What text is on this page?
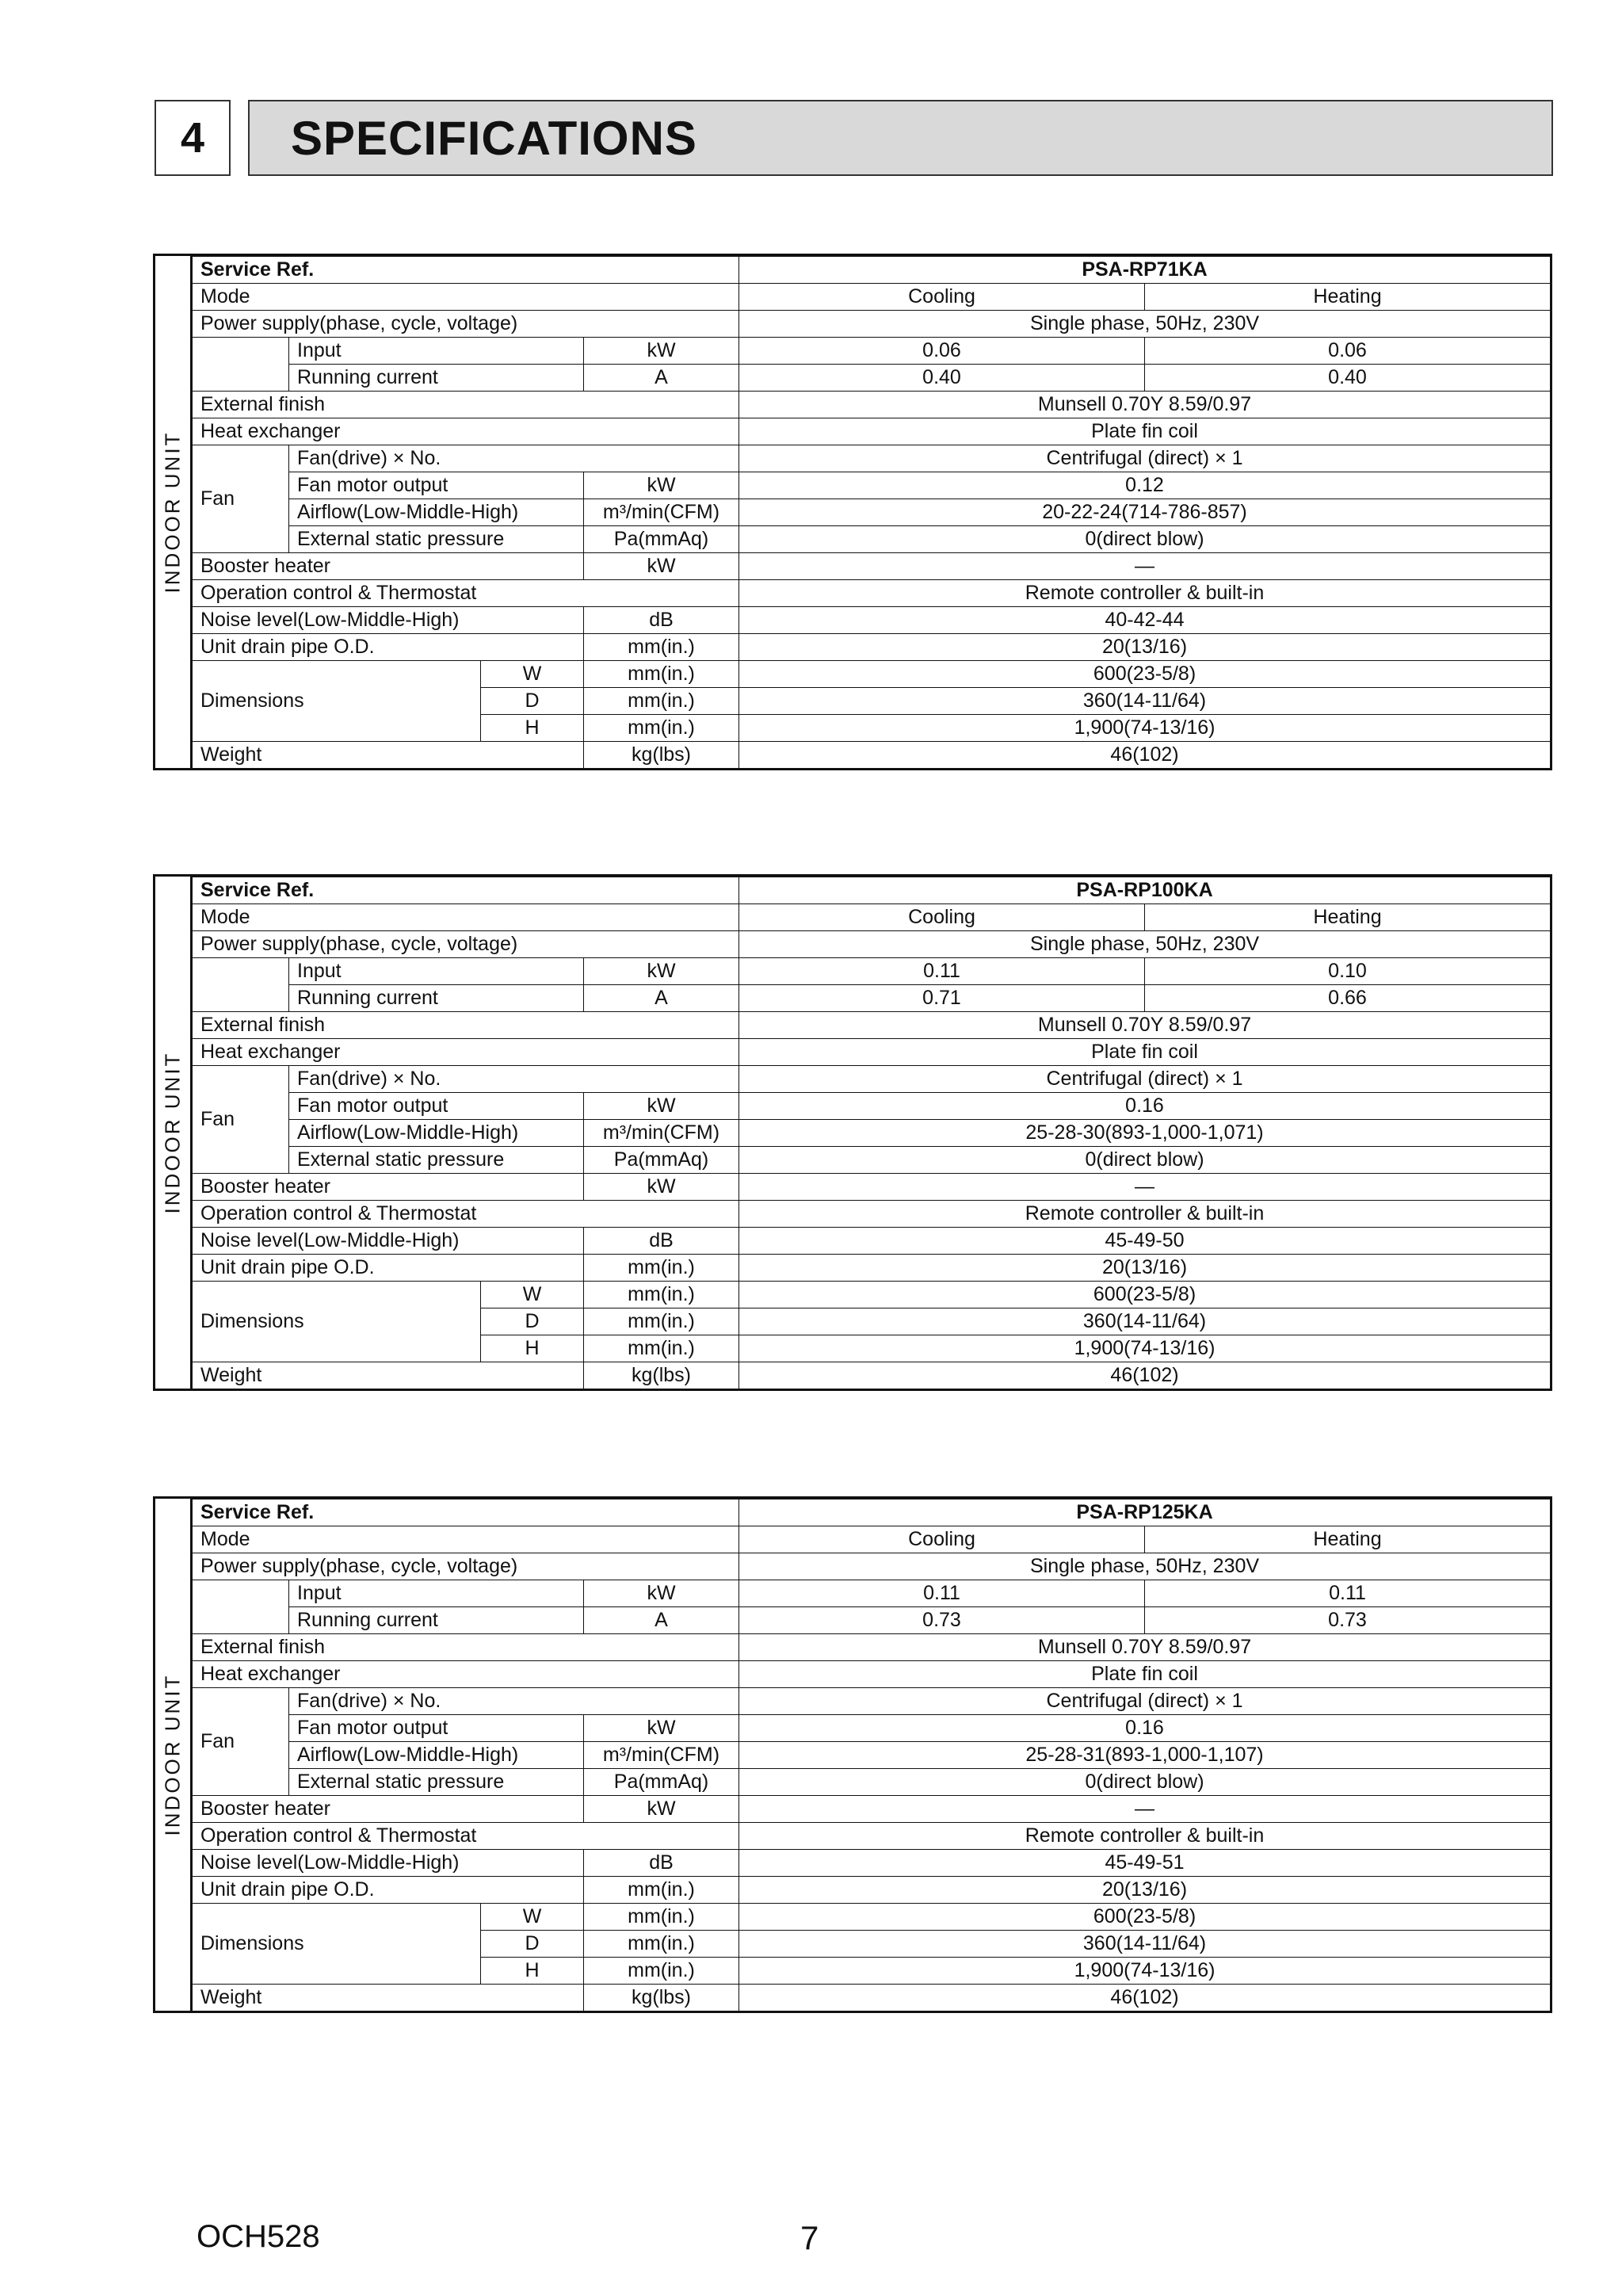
4	SPECIFICATIONS
INDOOR UNIT
Service Ref.				PSA-RP71KA	
Mode				Cooling	Heating
Power supply(phase, cycle, voltage)				Single phase, 50Hz, 230V	
	Input		kW	0.06	0.06
	Running current		A	0.40	0.40
External finish				Munsell 0.70Y 8.59/0.97	
Heat exchanger				Plate fin coil	
Fan	Fan(drive) × No.			Centrifugal (direct) × 1	
	Fan motor output		kW	0.12	
	Airflow(Low-Middle-High)		m³/min(CFM)	20-22-24(714-786-857)	
	External static pressure		Pa(mmAq)	0(direct blow)	
Booster heater			kW	—	
Operation control & Thermostat				Remote controller & built-in	
Noise level(Low-Middle-High)			dB	40-42-44	
Unit drain pipe O.D.			mm(in.)	20(13/16)	
Dimensions		W	mm(in.)	600(23-5/8)	
		D	mm(in.)	360(14-11/64)	
		H	mm(in.)	1,900(74-13/16)	
Weight			kg(lbs)	46(102)	
INDOOR UNIT
Service Ref.				PSA-RP100KA	
Mode				Cooling	Heating
Power supply(phase, cycle, voltage)				Single phase, 50Hz, 230V	
	Input		kW	0.11	0.10
	Running current		A	0.71	0.66
External finish				Munsell 0.70Y 8.59/0.97	
Heat exchanger				Plate fin coil	
Fan	Fan(drive) × No.			Centrifugal (direct) × 1	
	Fan motor output		kW	0.16	
	Airflow(Low-Middle-High)		m³/min(CFM)	25-28-30(893-1,000-1,071)	
	External static pressure		Pa(mmAq)	0(direct blow)	
Booster heater			kW	—	
Operation control & Thermostat				Remote controller & built-in	
Noise level(Low-Middle-High)			dB	45-49-50	
Unit drain pipe O.D.			mm(in.)	20(13/16)	
Dimensions		W	mm(in.)	600(23-5/8)	
		D	mm(in.)	360(14-11/64)	
		H	mm(in.)	1,900(74-13/16)	
Weight			kg(lbs)	46(102)	
INDOOR UNIT
Service Ref.				PSA-RP125KA	
Mode				Cooling	Heating
Power supply(phase, cycle, voltage)				Single phase, 50Hz, 230V	
	Input		kW	0.11	0.11
	Running current		A	0.73	0.73
External finish				Munsell 0.70Y 8.59/0.97	
Heat exchanger				Plate fin coil	
Fan	Fan(drive) × No.			Centrifugal (direct) × 1	
	Fan motor output		kW	0.16	
	Airflow(Low-Middle-High)		m³/min(CFM)	25-28-31(893-1,000-1,107)	
	External static pressure		Pa(mmAq)	0(direct blow)	
Booster heater			kW	—	
Operation control & Thermostat				Remote controller & built-in	
Noise level(Low-Middle-High)			dB	45-49-51	
Unit drain pipe O.D.			mm(in.)	20(13/16)	
Dimensions		W	mm(in.)	600(23-5/8)	
		D	mm(in.)	360(14-11/64)	
		H	mm(in.)	1,900(74-13/16)	
Weight			kg(lbs)	46(102)	
OCH528	7
